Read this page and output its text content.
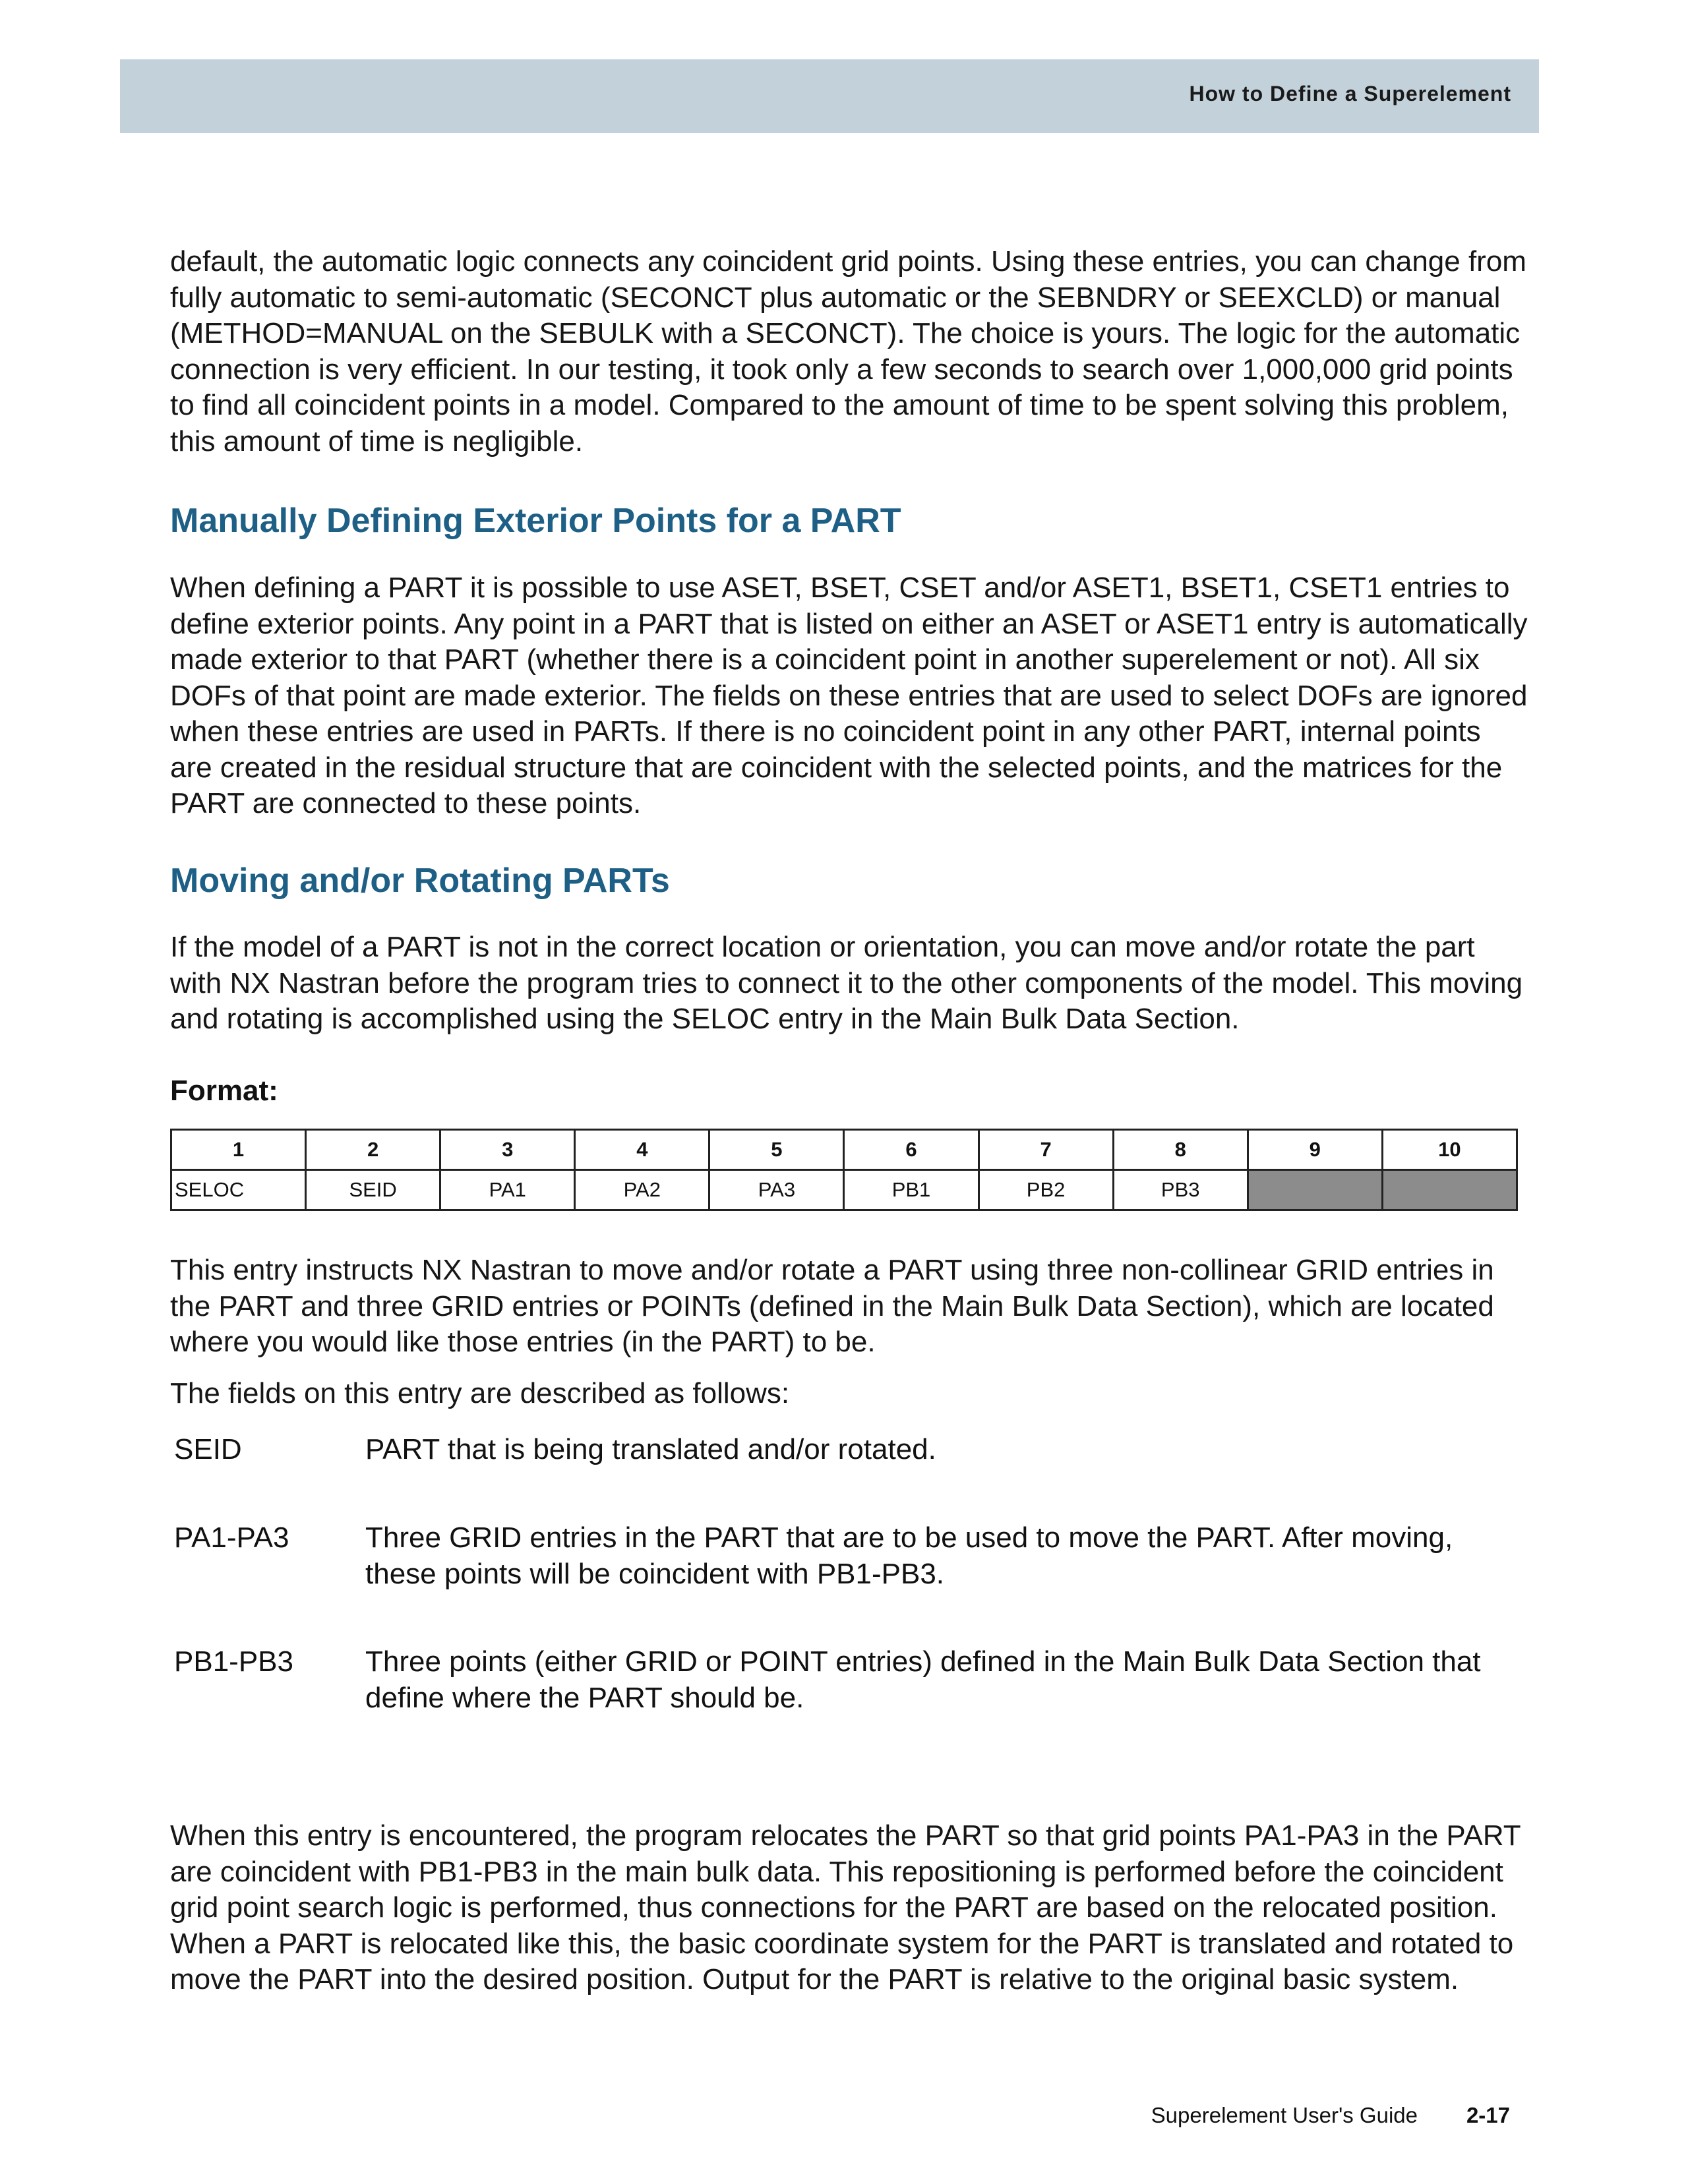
How to Define a Superelement

default, the automatic logic connects any coincident grid points. Using these entries, you can change from fully automatic to semi-automatic (SECONCT plus automatic or the SEBNDRY or SEEXCLD) or manual (METHOD=MANUAL on the SEBULK with a SECONCT). The choice is yours. The logic for the automatic connection is very efficient. In our testing, it took only a few seconds to search over 1,000,000 grid points to find all coincident points in a model. Compared to the amount of time to be spent solving this problem, this amount of time is negligible.

Manually Defining Exterior Points for a PART

When defining a PART it is possible to use ASET, BSET, CSET and/or ASET1, BSET1, CSET1 entries to define exterior points. Any point in a PART that is listed on either an ASET or ASET1 entry is automatically made exterior to that PART (whether there is a coincident point in another superelement or not). All six DOFs of that point are made exterior. The fields on these entries that are used to select DOFs are ignored when these entries are used in PARTs. If there is no coincident point in any other PART, internal points are created in the residual structure that are coincident with the selected points, and the matrices for the PART are connected to these points.

Moving and/or Rotating PARTs

If the model of a PART is not in the correct location or orientation, you can move and/or rotate the part with NX Nastran before the program tries to connect it to the other components of the model. This moving and rotating is accomplished using the SELOC entry in the Main Bulk Data Section.

Format:

1	2	3	4	5	6	7	8	9	10
SELOC	SEID	PA1	PA2	PA3	PB1	PB2	PB3		

This entry instructs NX Nastran to move and/or rotate a PART using three non-collinear GRID entries in the PART and three GRID entries or POINTs (defined in the Main Bulk Data Section), which are located where you would like those entries (in the PART) to be.

The fields on this entry are described as follows:

SEID	PART that is being translated and/or rotated.
PA1-PA3	Three GRID entries in the PART that are to be used to move the PART. After moving, these points will be coincident with PB1-PB3.
PB1-PB3 Three points (either GRID or POINT entries) defined in the Main Bulk Data Section that define where the PART should be.

When this entry is encountered, the program relocates the PART so that grid points PA1-PA3 in the PART are coincident with PB1-PB3 in the main bulk data. This repositioning is performed before the coincident grid point search logic is performed, thus connections for the PART are based on the relocated position. When a PART is relocated like this, the basic coordinate system for the PART is translated and rotated to move the PART into the desired position. Output for the PART is relative to the original basic system.

Superelement User's Guide 2-17
